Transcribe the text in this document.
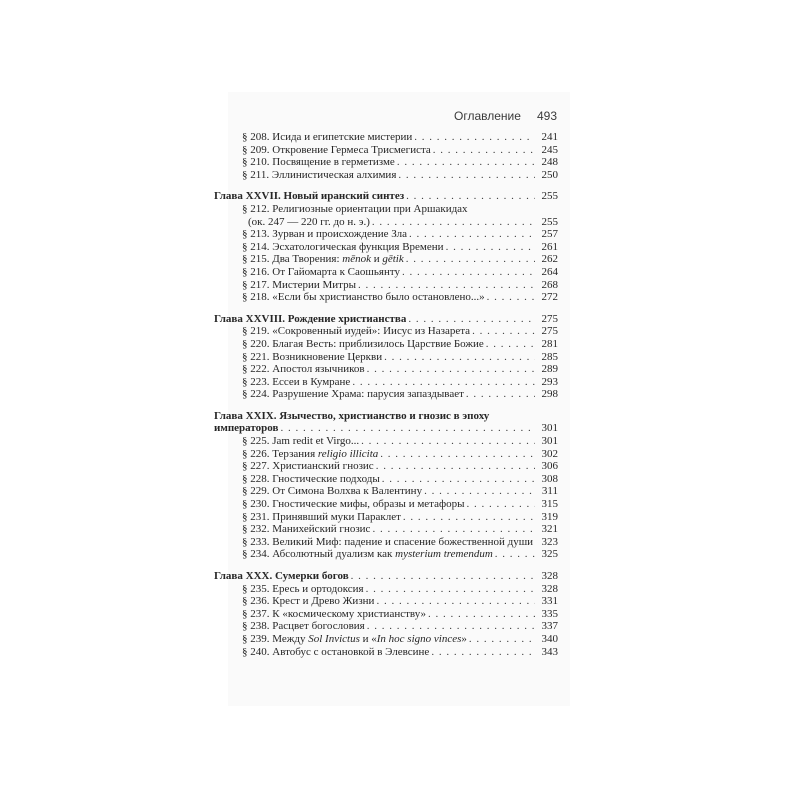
Оглавление 493
§ 208. Исида и египетские мистерии . . .	241
§ 209. Откровение Гермеса Трисмегиста . . .	245
§ 210. Посвящение в герметизме . . .	248
§ 211. Эллинистическая алхимия . . .	250
Глава XXVII. Новый иранский синтез . . .	255
§ 212. Религиозные ориентации при Аршакидах
(ок. 247 — 220 гг. до н. э.) . . .	255
§ 213. Зурван и происхождение Зла . . .	257
§ 214. Эсхатологическая функция Времени . . .	261
§ 215. Два Творения: mēnok и gētik . . .	262
§ 216. От Гайомарта к Саошьянту . . .	264
§ 217. Мистерии Митры . . .	268
§ 218. «Если бы христианство было остановлено...» . . .	272
Глава XXVIII. Рождение христианства . . .	275
§ 219. «Сокровенный иудей»: Иисус из Назарета . . .	275
§ 220. Благая Весть: приблизилось Царствие Божие . . .	281
§ 221. Возникновение Церкви . . .	285
§ 222. Апостол язычников . . .	289
§ 223. Ессеи в Кумране . . .	293
§ 224. Разрушение Храма: парусия запаздывает . . .	298
Глава XXIX. Язычество, христианство и гнозис в эпоху
императоров . . .	301
§ 225. Jam redit et Virgo... . . .	301
§ 226. Терзания religio illicita . . .	302
§ 227. Христианский гнозис . . .	306
§ 228. Гностические подходы . . .	308
§ 229. От Симона Волхва к Валентину . . .	311
§ 230. Гностические мифы, образы и метафоры . . .	315
§ 231. Принявший муки Параклет . . .	319
§ 232. Манихейский гнозис . . .	321
§ 233. Великий Миф: падение и спасение божественной души 323
§ 234. Абсолютный дуализм как mysterium tremendum . . .	325
Глава XXX. Сумерки богов . . .	328
§ 235. Ересь и ортодоксия . . .	328
§ 236. Крест и Древо Жизни . . .	331
§ 237. К «космическому христианству» . . .	335
§ 238. Расцвет богословия . . .	337
§ 239. Между Sol Invictus и «In hoc signo vinces» . . .	340
§ 240. Автобус с остановкой в Элевсине . . .	343
